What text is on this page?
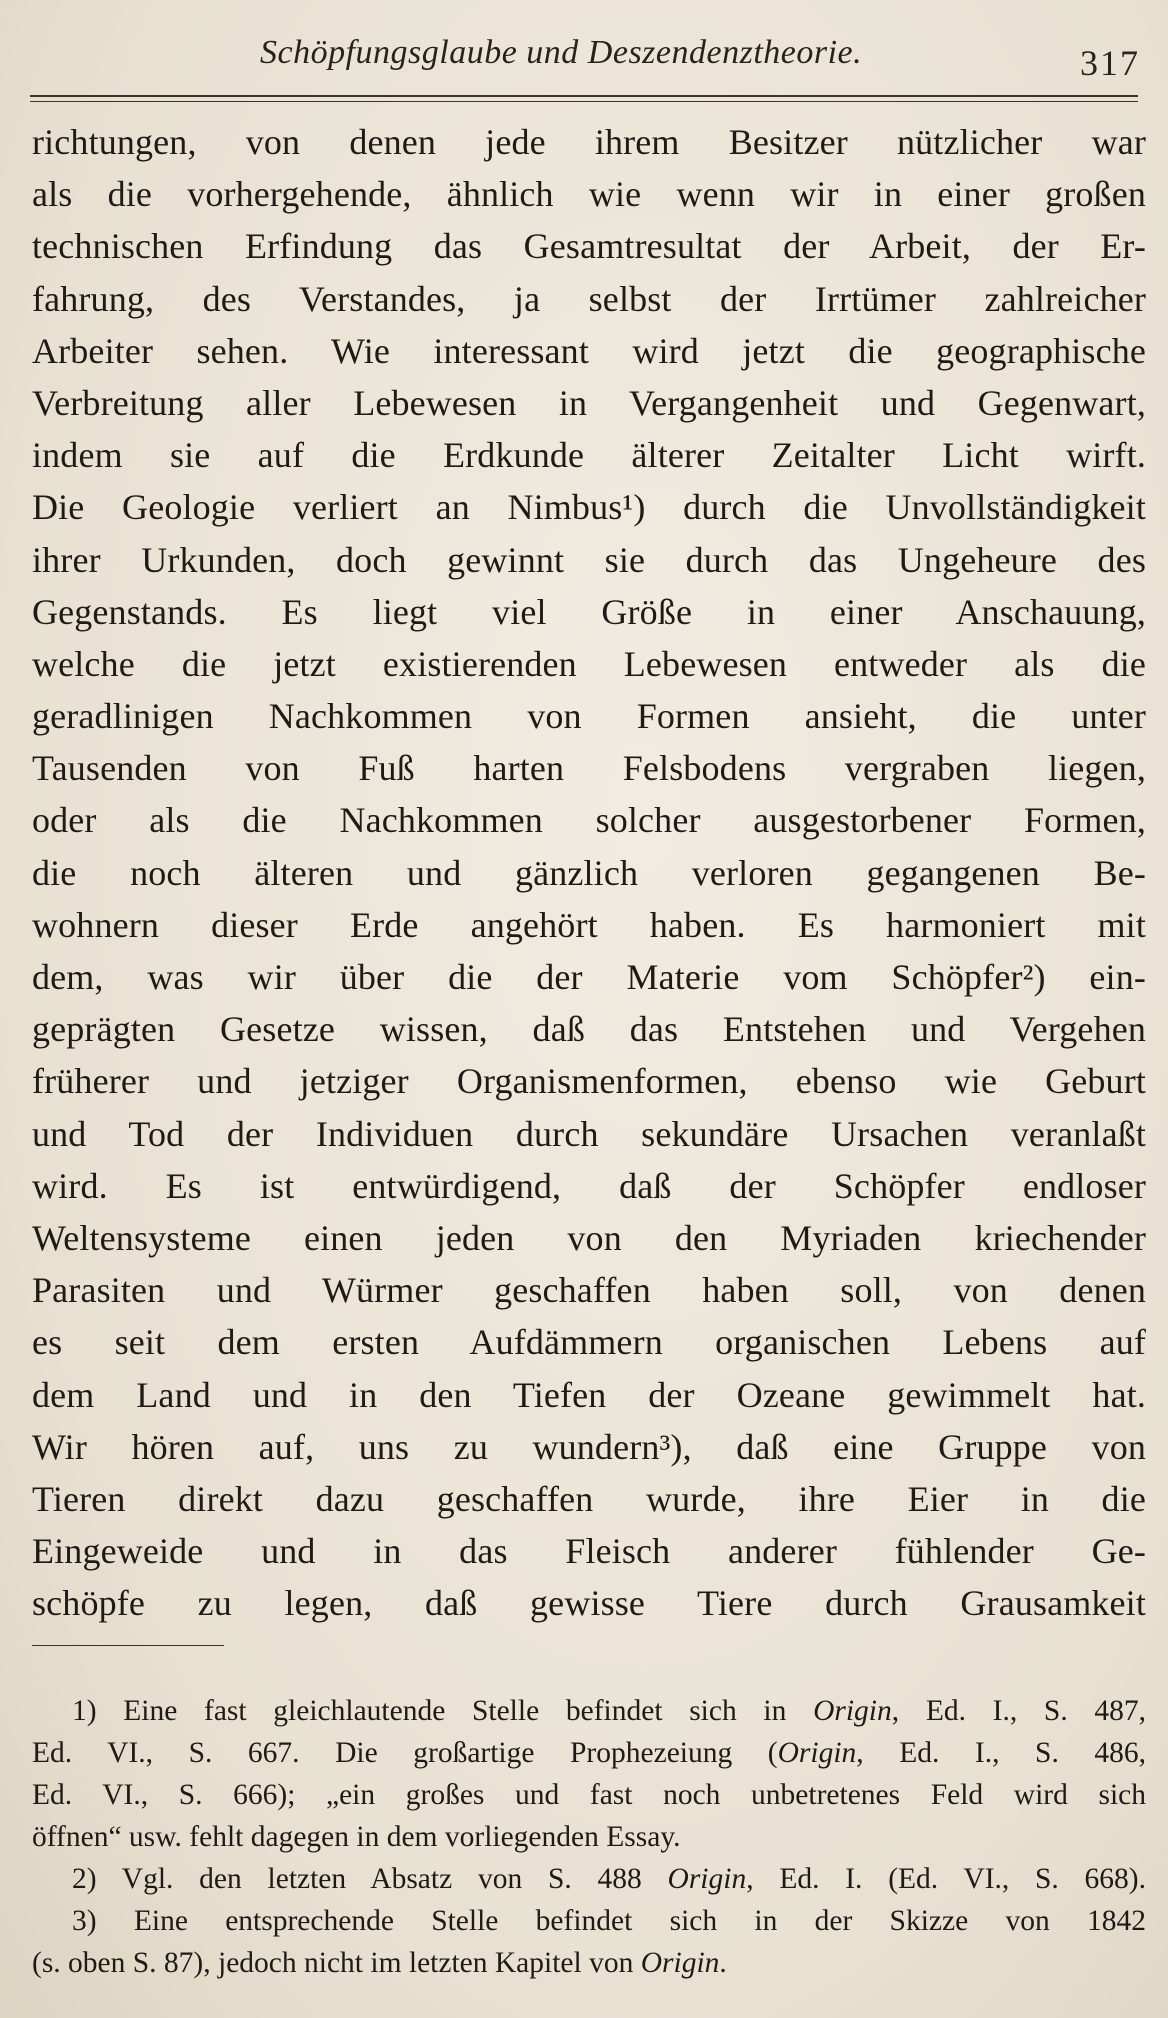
Schöpfungsglaube und Deszendenztheorie.	317
richtungen, von denen jede ihrem Besitzer nützlicher war
als die vorhergehende, ähnlich wie wenn wir in einer großen
technischen Erfindung das Gesamtresultat der Arbeit, der Er-
fahrung, des Verstandes, ja selbst der Irrtümer zahlreicher
Arbeiter sehen. Wie interessant wird jetzt die geographische
Verbreitung aller Lebewesen in Vergangenheit und Gegenwart,
indem sie auf die Erdkunde älterer Zeitalter Licht wirft.
Die Geologie verliert an Nimbus¹) durch die Unvollständigkeit
ihrer Urkunden, doch gewinnt sie durch das Ungeheure des
Gegenstands. Es liegt viel Größe in einer Anschauung,
welche die jetzt existierenden Lebewesen entweder als die
geradlinigen Nachkommen von Formen ansieht, die unter
Tausenden von Fuß harten Felsbodens vergraben liegen,
oder als die Nachkommen solcher ausgestorbener Formen,
die noch älteren und gänzlich verloren gegangenen Be-
wohnern dieser Erde angehört haben. Es harmoniert mit
dem, was wir über die der Materie vom Schöpfer²) ein-
geprägten Gesetze wissen, daß das Entstehen und Vergehen
früherer und jetziger Organismenformen, ebenso wie Geburt
und Tod der Individuen durch sekundäre Ursachen veranlaßt
wird. Es ist entwürdigend, daß der Schöpfer endloser
Weltensysteme einen jeden von den Myriaden kriechender
Parasiten und Würmer geschaffen haben soll, von denen
es seit dem ersten Aufdämmern organischen Lebens auf
dem Land und in den Tiefen der Ozeane gewimmelt hat.
Wir hören auf, uns zu wundern³), daß eine Gruppe von
Tieren direkt dazu geschaffen wurde, ihre Eier in die
Eingeweide und in das Fleisch anderer fühlender Ge-
schöpfe zu legen, daß gewisse Tiere durch Grausamkeit
1) Eine fast gleichlautende Stelle befindet sich in Origin, Ed. I., S. 487,
Ed. VI., S. 667. Die großartige Prophezeiung (Origin, Ed. I., S. 486,
Ed. VI., S. 666); „ein großes und fast noch unbetretenes Feld wird sich
öffnen“ usw. fehlt dagegen in dem vorliegenden Essay.
2) Vgl. den letzten Absatz von S. 488 Origin, Ed. I. (Ed. VI., S. 668).
3) Eine entsprechende Stelle befindet sich in der Skizze von 1842
(s. oben S. 87), jedoch nicht im letzten Kapitel von Origin.
